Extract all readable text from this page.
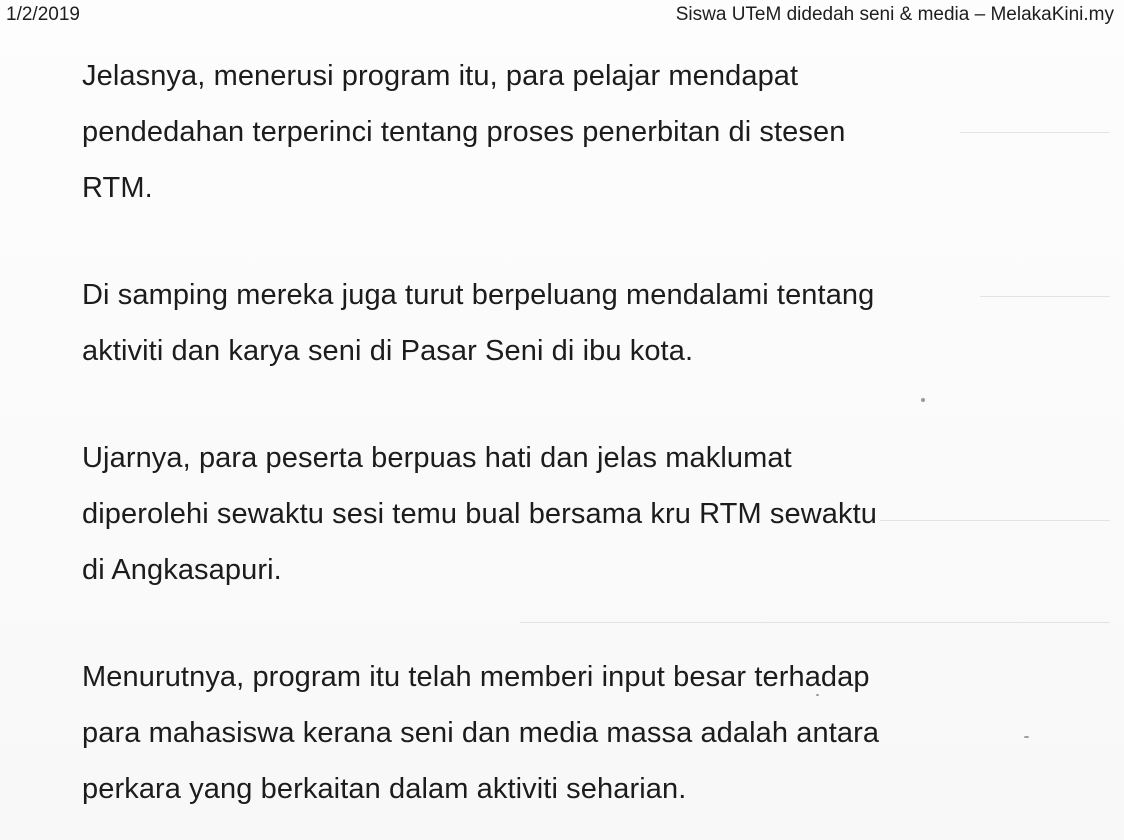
1/2/2019	Siswa UTeM didedah seni & media – MelakaKini.my

Jelasnya, menerusi program itu, para pelajar mendapat
pendedahan terperinci tentang proses penerbitan di stesen
RTM.

Di samping mereka juga turut berpeluang mendalami tentang
aktiviti dan karya seni di Pasar Seni di ibu kota.

Ujarnya, para peserta berpuas hati dan jelas maklumat
diperolehi sewaktu sesi temu bual bersama kru RTM sewaktu
di Angkasapuri.

Menurutnya, program itu telah memberi input besar terhadap
para mahasiswa kerana seni dan media massa adalah antara
perkara yang berkaitan dalam aktiviti seharian.
